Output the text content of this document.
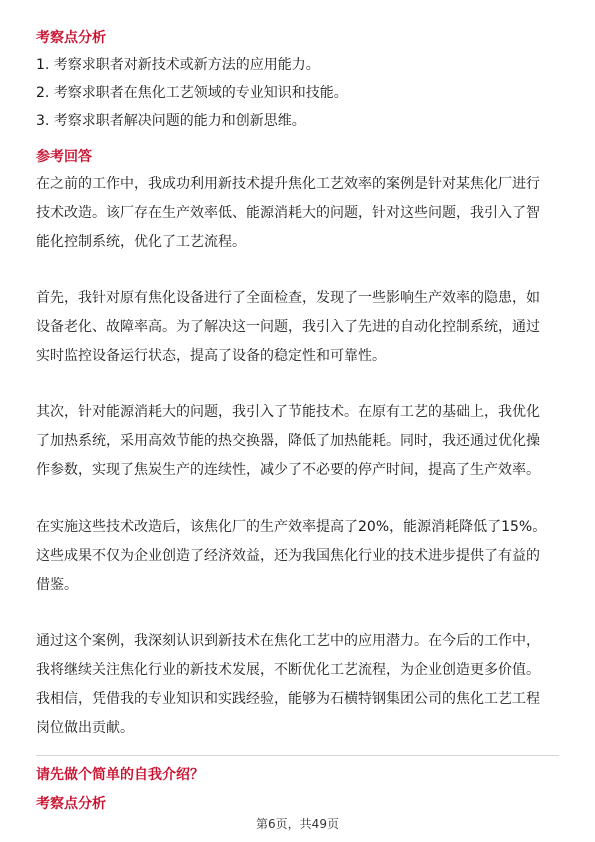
考察点分析
1. 考察求职者对新技术或新方法的应用能力。
2. 考察求职者在焦化工艺领域的专业知识和技能。
3. 考察求职者解决问题的能力和创新思维。
参考回答
在之前的工作中，我成功利用新技术提升焦化工艺效率的案例是针对某焦化厂进行
技术改造。该厂存在生产效率低、能源消耗大的问题，针对这些问题，我引入了智
能化控制系统，优化了工艺流程。
首先，我针对原有焦化设备进行了全面检查，发现了一些影响生产效率的隐患，如
设备老化、故障率高。为了解决这一问题，我引入了先进的自动化控制系统，通过
实时监控设备运行状态，提高了设备的稳定性和可靠性。
其次，针对能源消耗大的问题，我引入了节能技术。在原有工艺的基础上，我优化
了加热系统，采用高效节能的热交换器，降低了加热能耗。同时，我还通过优化操
作参数，实现了焦炭生产的连续性，减少了不必要的停产时间，提高了生产效率。
在实施这些技术改造后，该焦化厂的生产效率提高了20%，能源消耗降低了15%。
这些成果不仅为企业创造了经济效益，还为我国焦化行业的技术进步提供了有益的
借鉴。
通过这个案例，我深刻认识到新技术在焦化工艺中的应用潜力。在今后的工作中，
我将继续关注焦化行业的新技术发展，不断优化工艺流程，为企业创造更多价值。
我相信，凭借我的专业知识和实践经验，能够为石横特钢集团公司的焦化工艺工程
岗位做出贡献。
请先做个简单的自我介绍？
考察点分析
第6页，共49页
